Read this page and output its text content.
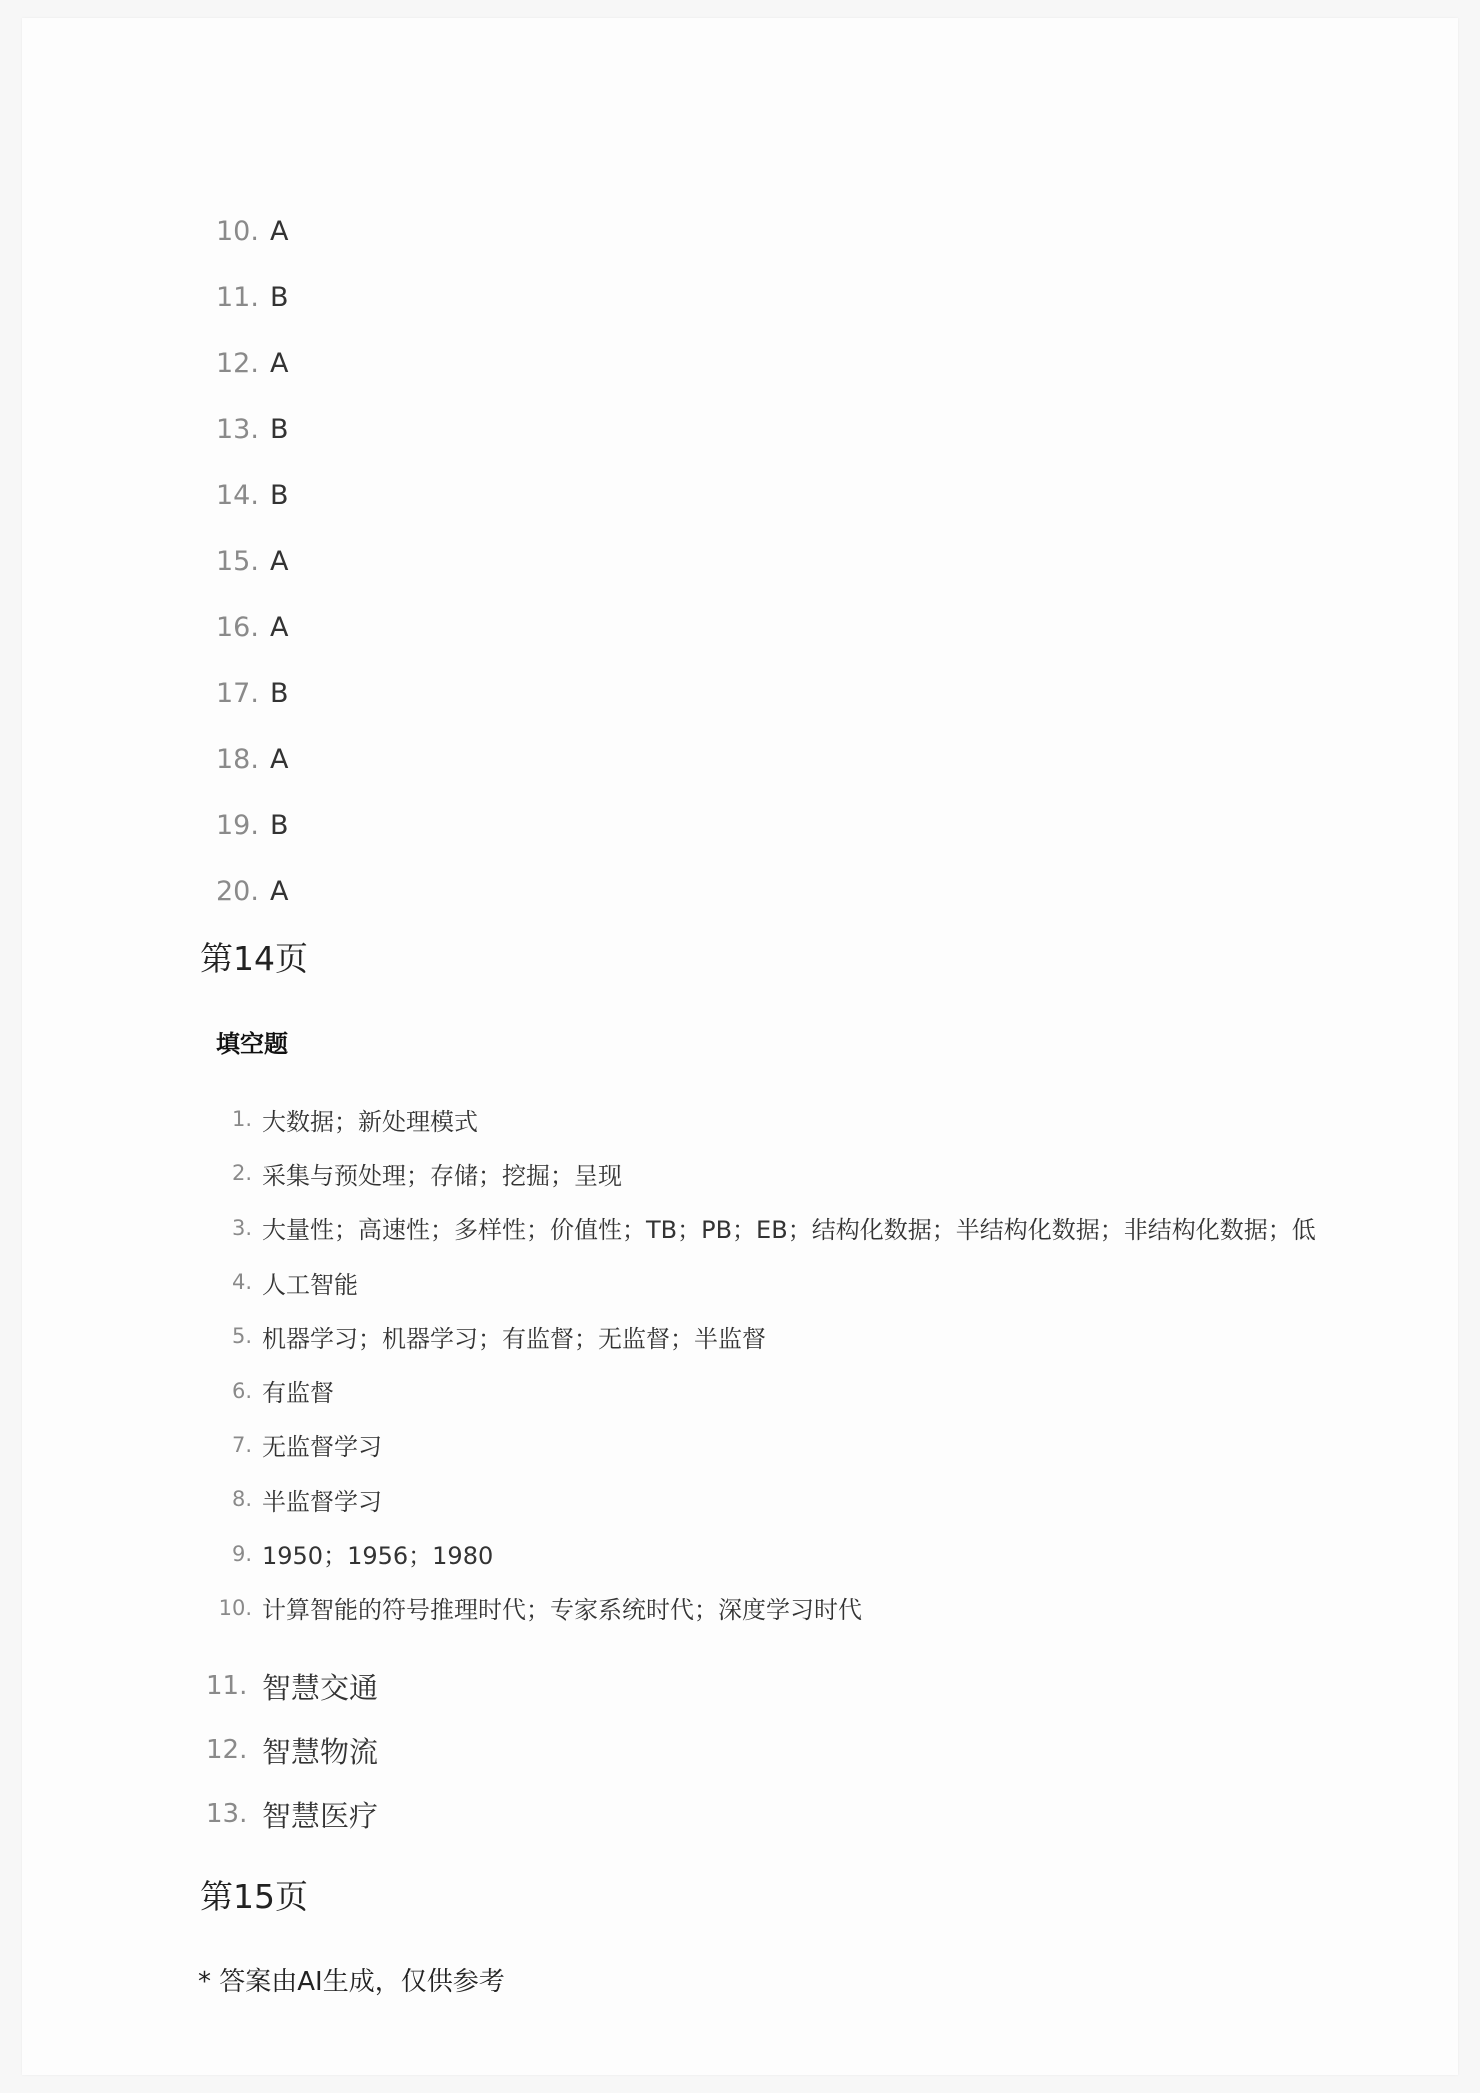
10. A
11. B
12. A
13. B
14. B
15. A
16. A
17. B
18. A
19. B
20. A
第14页
填空题
1. 大数据；新处理模式
2. 采集与预处理；存储；挖掘；呈现
3. 大量性；高速性；多样性；价值性；TB；PB；EB；结构化数据；半结构化数据；非结构化数据；低
4. 人工智能
5. 机器学习；机器学习；有监督；无监督；半监督
6. 有监督
7. 无监督学习
8. 半监督学习
9. 1950；1956；1980
10. 计算智能的符号推理时代；专家系统时代；深度学习时代
11. 智慧交通
12. 智慧物流
13. 智慧医疗
第15页

* 答案由AI生成，仅供参考
